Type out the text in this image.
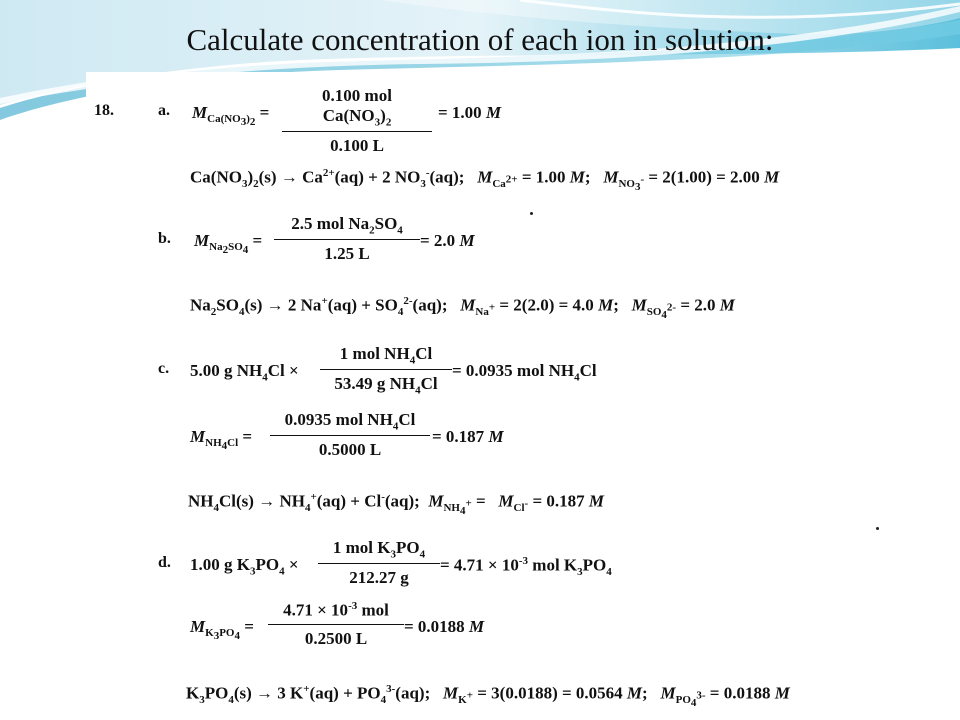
Calculate concentration of each ion in solution:
18.	a. $M_{Ca(NO_3)_2}$ =
0.100 mol $Ca(NO_3)_2$
0.100 L
= 1.00 M
$Ca(NO_3)_2(s) \to Ca^{2+}(aq) + 2$ $NO_3^-(aq)$;   $M_{Ca^{2+}} = 1.00$ M;   $M_{NO_3^-} = 2(1.00) = 2.00$ M
b. $M_{Na_2SO_4}$ =
2.5 mol $Na_2SO_4$
1.25 L
= 2.0 M
$Na_2SO_4(s) \to 2$ $Na^+(aq) + SO_4^{2-}(aq)$;   $M_{Na^+} = 2(2.0) = 4.0$ M;   $M_{SO_4^{2-}} = 2.0$ M
c. 5.00 g $NH_4Cl$ ×
1 mol $NH_4Cl$
53.49 g $NH_4Cl$
= 0.0935 mol $NH_4Cl$
$M_{NH_4Cl}$ =
0.0935 mol $NH_4Cl$
0.5000 L
= 0.187 M
$NH_4Cl(s) \to NH_4^+(aq) + Cl^-(aq)$;  $M_{NH_4^+} = M_{Cl^-} = 0.187$ M
d. 1.00 g $K_3PO_4$ ×
1 mol $K_3PO_4$
212.27 g
= $4.71 \times 10^{-3}$ mol $K_3PO_4$
$M_{K_3PO_4}$ =
$4.71 \times 10^{-3}$ mol
0.2500 L
= 0.0188 M
$K_3PO_4(s) \to 3$ $K^+(aq) + PO_4^{3-}(aq)$;   $M_{K^+} = 3(0.0188) = 0.0564$ M;   $M_{PO_4^{3-}} = 0.0188$ M
